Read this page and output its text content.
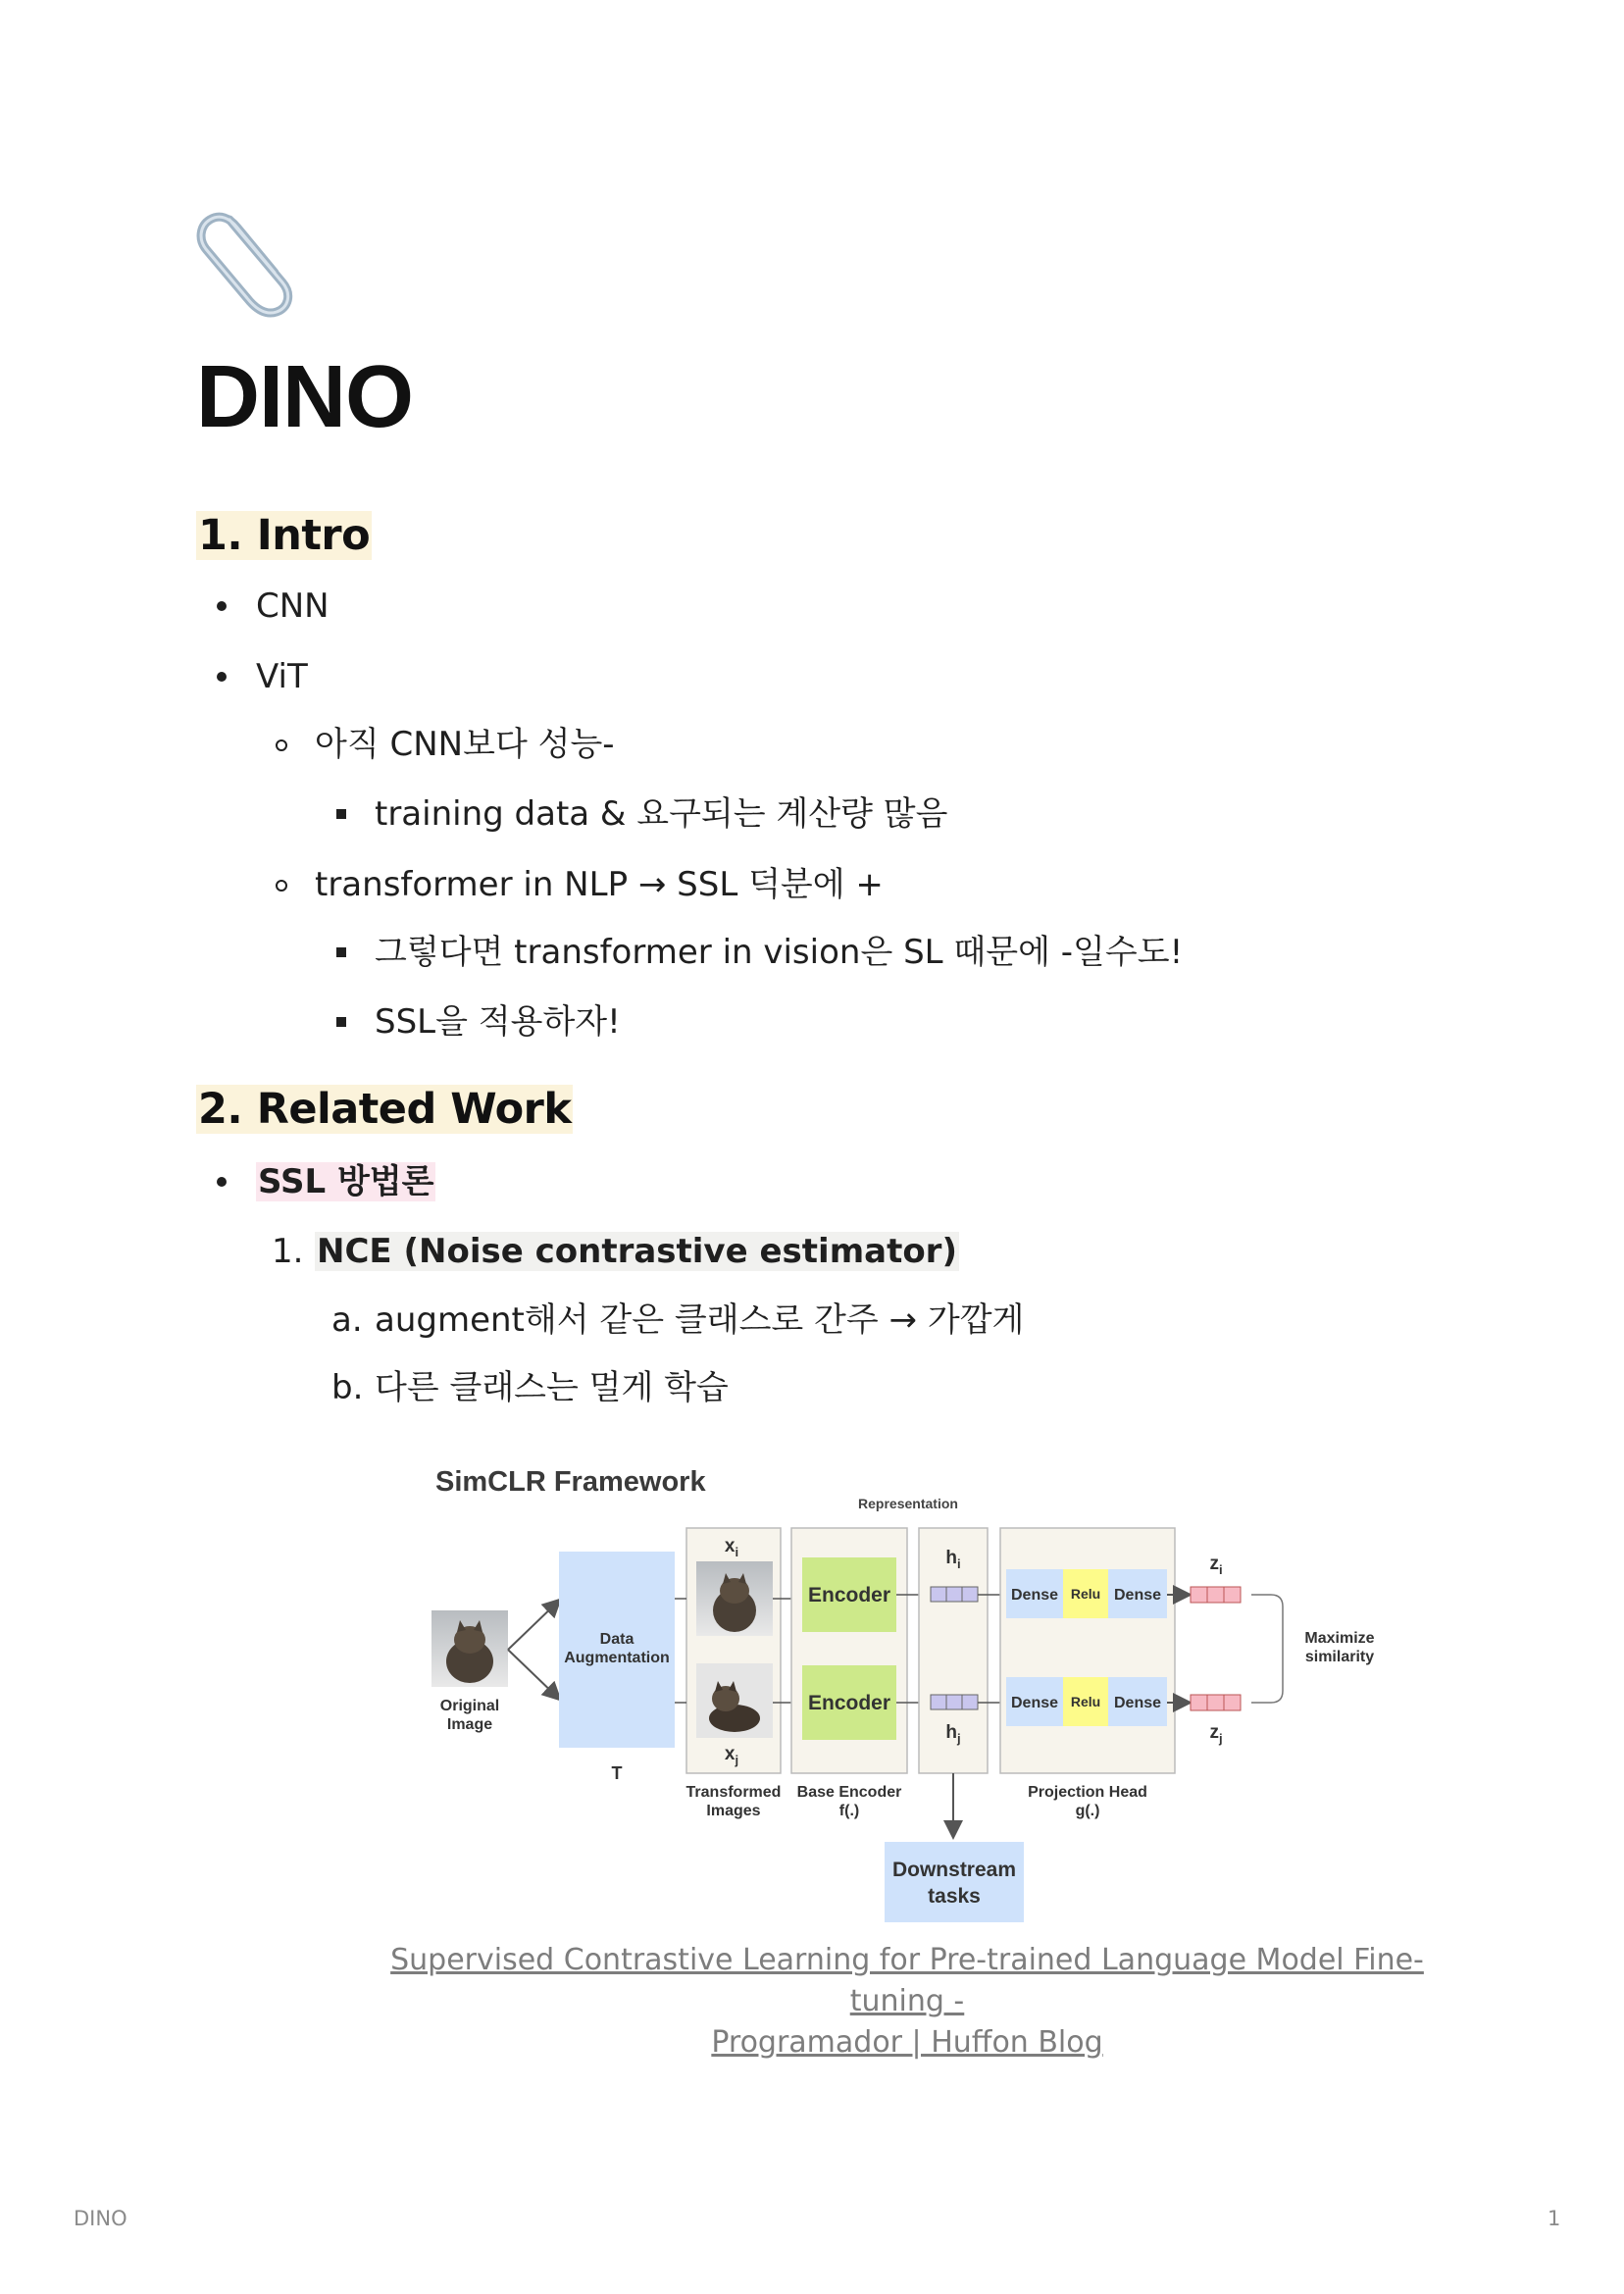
DINO
1. Intro
CNN
ViT
아직 CNN보다 성능-
training data & 요구되는 계산량 많음
transformer in NLP → SSL 덕분에 +
그렇다면 transformer in vision은 SL 때문에 -일수도!
SSL을 적용하자!
2. Related Work
SSL 방법론
1. NCE (Noise contrastive estimator)
a. augment해서 같은 클래스로 간주 → 가깝게
b. 다른 클래스는 멀게 학습
SimCLR Framework
Representation
Original
Image
Data
Augmentation
T
$x_i$
$x_j$
Transformed
Images
Encoder
Encoder
Base Encoder
f(.)
$h_i$
$h_j$
Downstream
tasks
Dense Relu Dense
Dense Relu Dense
Projection Head
g(.)
$z_i$
$z_j$
Maximize
similarity
Supervised Contrastive Learning for Pre-trained Language Model Fine-tuning -
Programador | Huffon Blog
DINO	1
